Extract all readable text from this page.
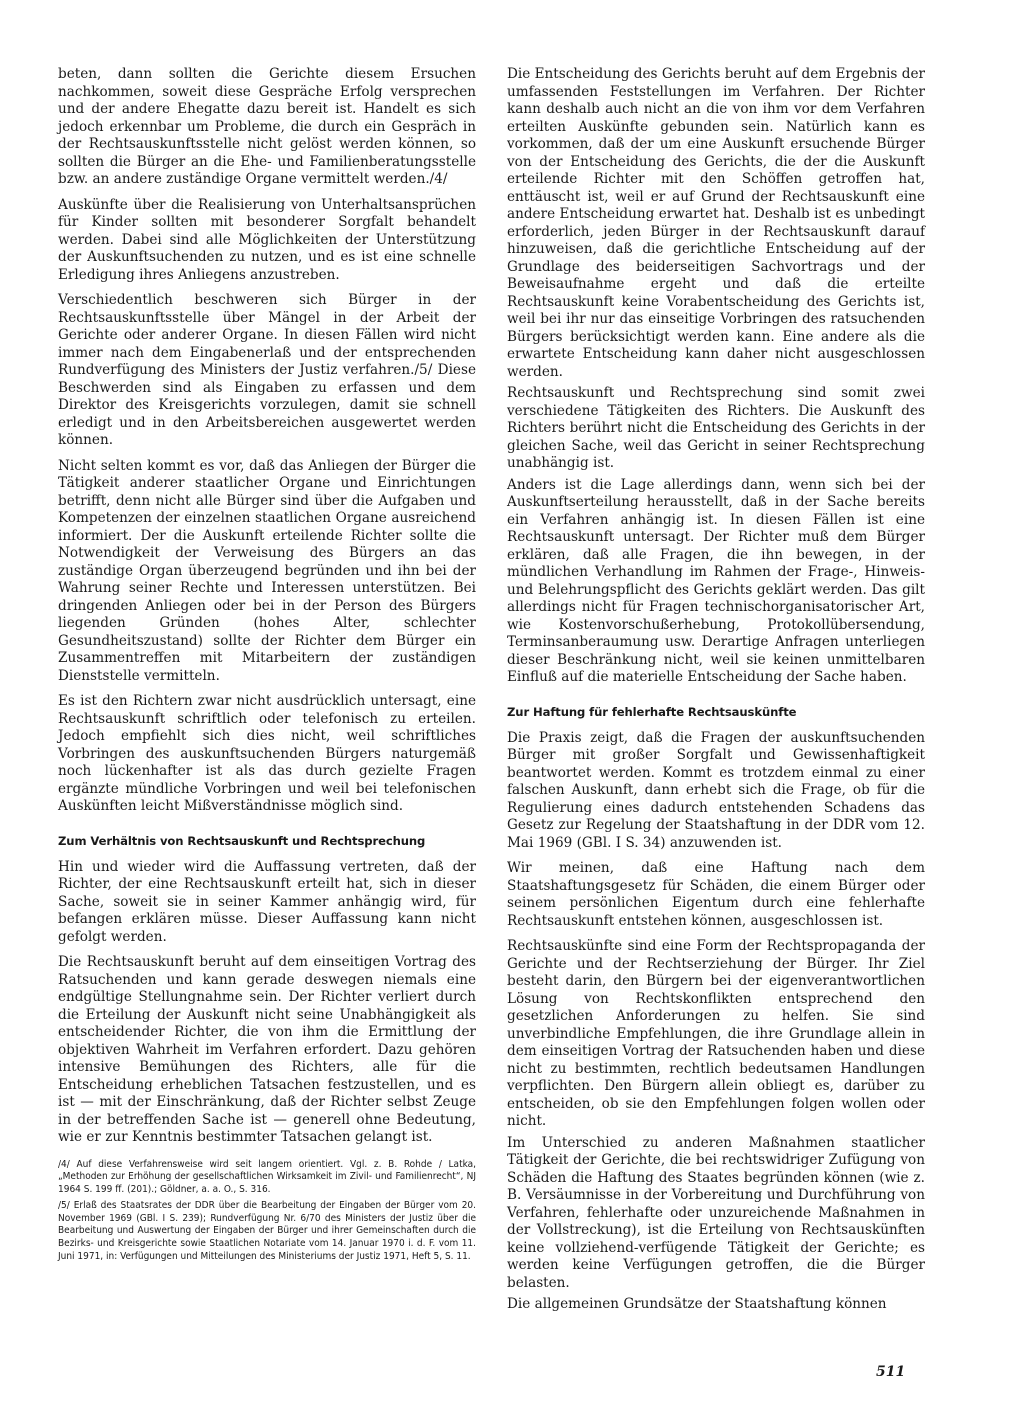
beten, dann sollten die Gerichte diesem Ersuchen nachkommen, soweit diese Gespräche Erfolg versprechen und der andere Ehegatte dazu bereit ist. Handelt es sich jedoch erkennbar um Probleme, die durch ein Gespräch in der Rechtsauskunftsstelle nicht gelöst werden können, so sollten die Bürger an die Ehe- und Familienberatungsstelle bzw. an andere zuständige Organe vermittelt werden./4/

Auskünfte über die Realisierung von Unterhaltsansprüchen für Kinder sollten mit besonderer Sorgfalt behandelt werden. Dabei sind alle Möglichkeiten der Unterstützung der Auskunftsuchenden zu nutzen, und es ist eine schnelle Erledigung ihres Anliegens anzustreben.

Verschiedentlich beschweren sich Bürger in der Rechtsauskunftsstelle über Mängel in der Arbeit der Gerichte oder anderer Organe. In diesen Fällen wird nicht immer nach dem Eingabenerlaß und der entsprechenden Rundverfügung des Ministers der Justiz verfahren./5/ Diese Beschwerden sind als Eingaben zu erfassen und dem Direktor des Kreisgerichts vorzulegen, damit sie schnell erledigt und in den Arbeitsbereichen ausgewertet werden können.

Nicht selten kommt es vor, daß das Anliegen der Bürger die Tätigkeit anderer staatlicher Organe und Einrichtungen betrifft, denn nicht alle Bürger sind über die Aufgaben und Kompetenzen der einzelnen staatlichen Organe ausreichend informiert. Der die Auskunft erteilende Richter sollte die Notwendigkeit der Verweisung des Bürgers an das zuständige Organ überzeugend begründen und ihn bei der Wahrung seiner Rechte und Interessen unterstützen. Bei dringenden Anliegen oder bei in der Person des Bürgers liegenden Gründen (hohes Alter, schlechter Gesundheitszustand) sollte der Richter dem Bürger ein Zusammentreffen mit Mitarbeitern der zuständigen Dienststelle vermitteln.

Es ist den Richtern zwar nicht ausdrücklich untersagt, eine Rechtsauskunft schriftlich oder telefonisch zu erteilen. Jedoch empfiehlt sich dies nicht, weil schriftliches Vorbringen des auskunftsuchenden Bürgers naturgemäß noch lückenhafter ist als das durch gezielte Fragen ergänzte mündliche Vorbringen und weil bei telefonischen Auskünften leicht Mißverständnisse möglich sind.

Zum Verhältnis von Rechtsauskunft und Rechtsprechung

Hin und wieder wird die Auffassung vertreten, daß der Richter, der eine Rechtsauskunft erteilt hat, sich in dieser Sache, soweit sie in seiner Kammer anhängig wird, für befangen erklären müsse. Dieser Auffassung kann nicht gefolgt werden.

Die Rechtsauskunft beruht auf dem einseitigen Vortrag des Ratsuchenden und kann gerade deswegen niemals eine endgültige Stellungnahme sein. Der Richter verliert durch die Erteilung der Auskunft nicht seine Unabhängigkeit als entscheidender Richter, die von ihm die Ermittlung der objektiven Wahrheit im Verfahren erfordert. Dazu gehören intensive Bemühungen des Richters, alle für die Entscheidung erheblichen Tatsachen festzustellen, und es ist — mit der Einschränkung, daß der Richter selbst Zeuge in der betreffenden Sache ist — generell ohne Bedeutung, wie er zur Kenntnis bestimmter Tatsachen gelangt ist.

/4/ Auf diese Verfahrensweise wird seit langem orientiert. Vgl. z. B. Rohde / Latka, „Methoden zur Erhöhung der gesellschaftlichen Wirksamkeit im Zivil- und Familienrecht“, NJ 1964 S. 199 ff. (201).; Göldner, a. a. O., S. 316.

/5/ Erlaß des Staatsrates der DDR über die Bearbeitung der Eingaben der Bürger vom 20. November 1969 (GBl. I S. 239); Rundverfügung Nr. 6/70 des Ministers der Justiz über die Bearbeitung und Auswertung der Eingaben der Bürger und ihrer Gemeinschaften durch die Bezirks- und Kreisgerichte sowie Staatlichen Notariate vom 14. Januar 1970 i. d. F. vom 11. Juni 1971, in: Verfügungen und Mitteilungen des Ministeriums der Justiz 1971, Heft 5, S. 11.

Die Entscheidung des Gerichts beruht auf dem Ergebnis der umfassenden Feststellungen im Verfahren. Der Richter kann deshalb auch nicht an die von ihm vor dem Verfahren erteilten Auskünfte gebunden sein. Natürlich kann es vorkommen, daß der um eine Auskunft ersuchende Bürger von der Entscheidung des Gerichts, die der die Auskunft erteilende Richter mit den Schöffen getroffen hat, enttäuscht ist, weil er auf Grund der Rechtsauskunft eine andere Entscheidung erwartet hat. Deshalb ist es unbedingt erforderlich, jeden Bürger in der Rechtsauskunft darauf hinzuweisen, daß die gerichtliche Entscheidung auf der Grundlage des beiderseitigen Sachvortrags und der Beweisaufnahme ergeht und daß die erteilte Rechtsauskunft keine Vorabentscheidung des Gerichts ist, weil bei ihr nur das einseitige Vorbringen des ratsuchenden Bürgers berücksichtigt werden kann. Eine andere als die erwartete Entscheidung kann daher nicht ausgeschlossen werden.

Rechtsauskunft und Rechtsprechung sind somit zwei verschiedene Tätigkeiten des Richters. Die Auskunft des Richters berührt nicht die Entscheidung des Gerichts in der gleichen Sache, weil das Gericht in seiner Rechtsprechung unabhängig ist.

Anders ist die Lage allerdings dann, wenn sich bei der Auskunftserteilung herausstellt, daß in der Sache bereits ein Verfahren anhängig ist. In diesen Fällen ist eine Rechtsauskunft untersagt. Der Richter muß dem Bürger erklären, daß alle Fragen, die ihn bewegen, in der mündlichen Verhandlung im Rahmen der Frage-, Hinweis- und Belehrungspflicht des Gerichts geklärt werden. Das gilt allerdings nicht für Fragen technischorganisatorischer Art, wie Kostenvorschußerhebung, Protokollübersendung, Terminsanberaumung usw. Derartige Anfragen unterliegen dieser Beschränkung nicht, weil sie keinen unmittelbaren Einfluß auf die materielle Entscheidung der Sache haben.

Zur Haftung für fehlerhafte Rechtsauskünfte

Die Praxis zeigt, daß die Fragen der auskunftsuchenden Bürger mit großer Sorgfalt und Gewissenhaftigkeit beantwortet werden. Kommt es trotzdem einmal zu einer falschen Auskunft, dann erhebt sich die Frage, ob für die Regulierung eines dadurch entstehenden Schadens das Gesetz zur Regelung der Staatshaftung in der DDR vom 12. Mai 1969 (GBl. I S. 34) anzuwenden ist.

Wir meinen, daß eine Haftung nach dem Staatshaftungsgesetz für Schäden, die einem Bürger oder seinem persönlichen Eigentum durch eine fehlerhafte Rechtsauskunft entstehen können, ausgeschlossen ist.

Rechtsauskünfte sind eine Form der Rechtspropaganda der Gerichte und der Rechtserziehung der Bürger. Ihr Ziel besteht darin, den Bürgern bei der eigenverantwortlichen Lösung von Rechtskonflikten entsprechend den gesetzlichen Anforderungen zu helfen. Sie sind unverbindliche Empfehlungen, die ihre Grundlage allein in dem einseitigen Vortrag der Ratsuchenden haben und diese nicht zu bestimmten, rechtlich bedeutsamen Handlungen verpflichten. Den Bürgern allein obliegt es, darüber zu entscheiden, ob sie den Empfehlungen folgen wollen oder nicht.

Im Unterschied zu anderen Maßnahmen staatlicher Tätigkeit der Gerichte, die bei rechtswidriger Zufügung von Schäden die Haftung des Staates begründen können (wie z. B. Versäumnisse in der Vorbereitung und Durchführung von Verfahren, fehlerhafte oder unzureichende Maßnahmen in der Vollstreckung), ist die Erteilung von Rechtsauskünften keine vollziehend-verfügende Tätigkeit der Gerichte; es werden keine Verfügungen getroffen, die die Bürger belasten.

Die allgemeinen Grundsätze der Staatshaftung können

511
